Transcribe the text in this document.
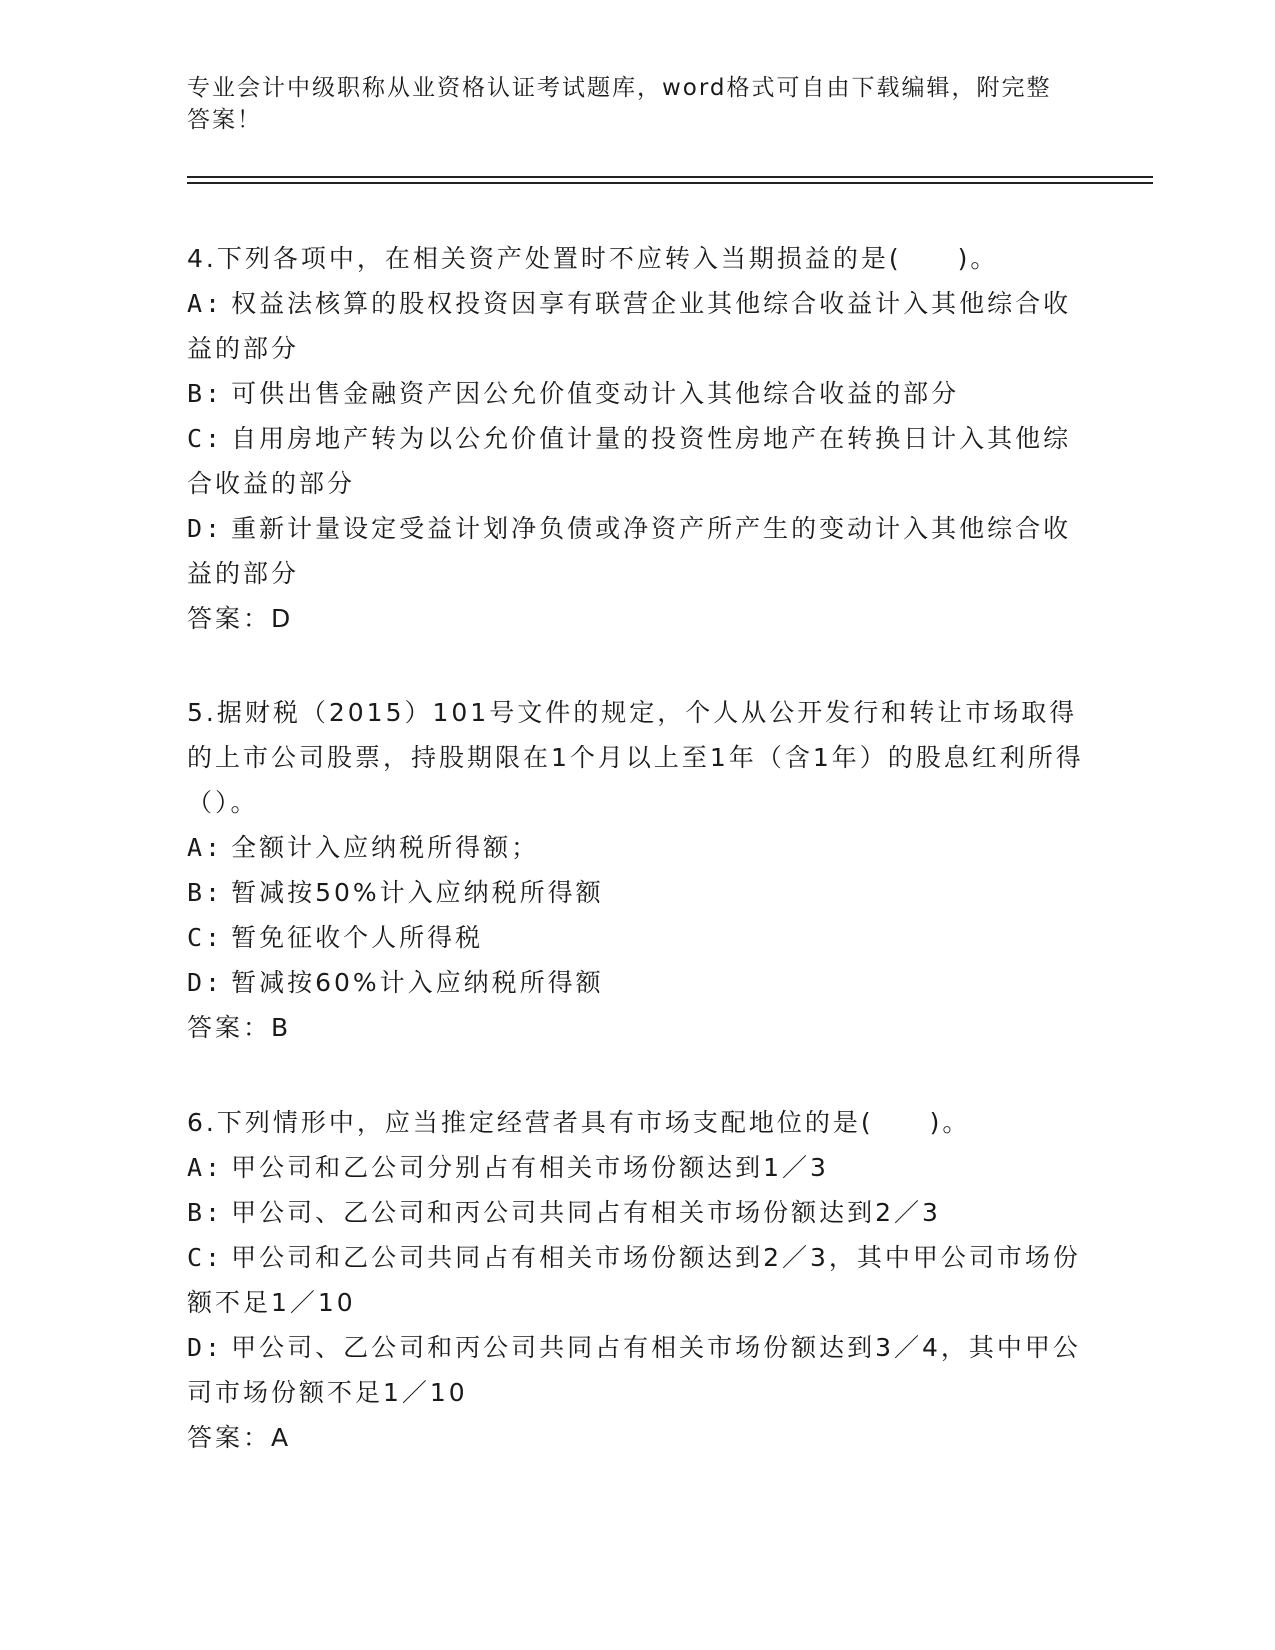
专业会计中级职称从业资格认证考试题库，word格式可自由下载编辑，附完整答案！

4.下列各项中，在相关资产处置时不应转入当期损益的是(　　)。

A: 权益法核算的股权投资因享有联营企业其他综合收益计入其他综合收益的部分

B: 可供出售金融资产因公允价值变动计入其他综合收益的部分

C: 自用房地产转为以公允价值计量的投资性房地产在转换日计入其他综合收益的部分

D: 重新计量设定受益计划净负债或净资产所产生的变动计入其他综合收益的部分

答案：D

5.据财税（2015）101号文件的规定，个人从公开发行和转让市场取得的上市公司股票，持股期限在1个月以上至1年（含1年）的股息红利所得（）。

A: 全额计入应纳税所得额；

B: 暂减按50%计入应纳税所得额

C: 暂免征收个人所得税

D: 暂减按60%计入应纳税所得额

答案：B

6.下列情形中，应当推定经营者具有市场支配地位的是(　　)。

A: 甲公司和乙公司分别占有相关市场份额达到1／3

B: 甲公司、乙公司和丙公司共同占有相关市场份额达到2／3

C: 甲公司和乙公司共同占有相关市场份额达到2／3，其中甲公司市场份额不足1／10

D: 甲公司、乙公司和丙公司共同占有相关市场份额达到3／4，其中甲公司市场份额不足1／10

答案：A
